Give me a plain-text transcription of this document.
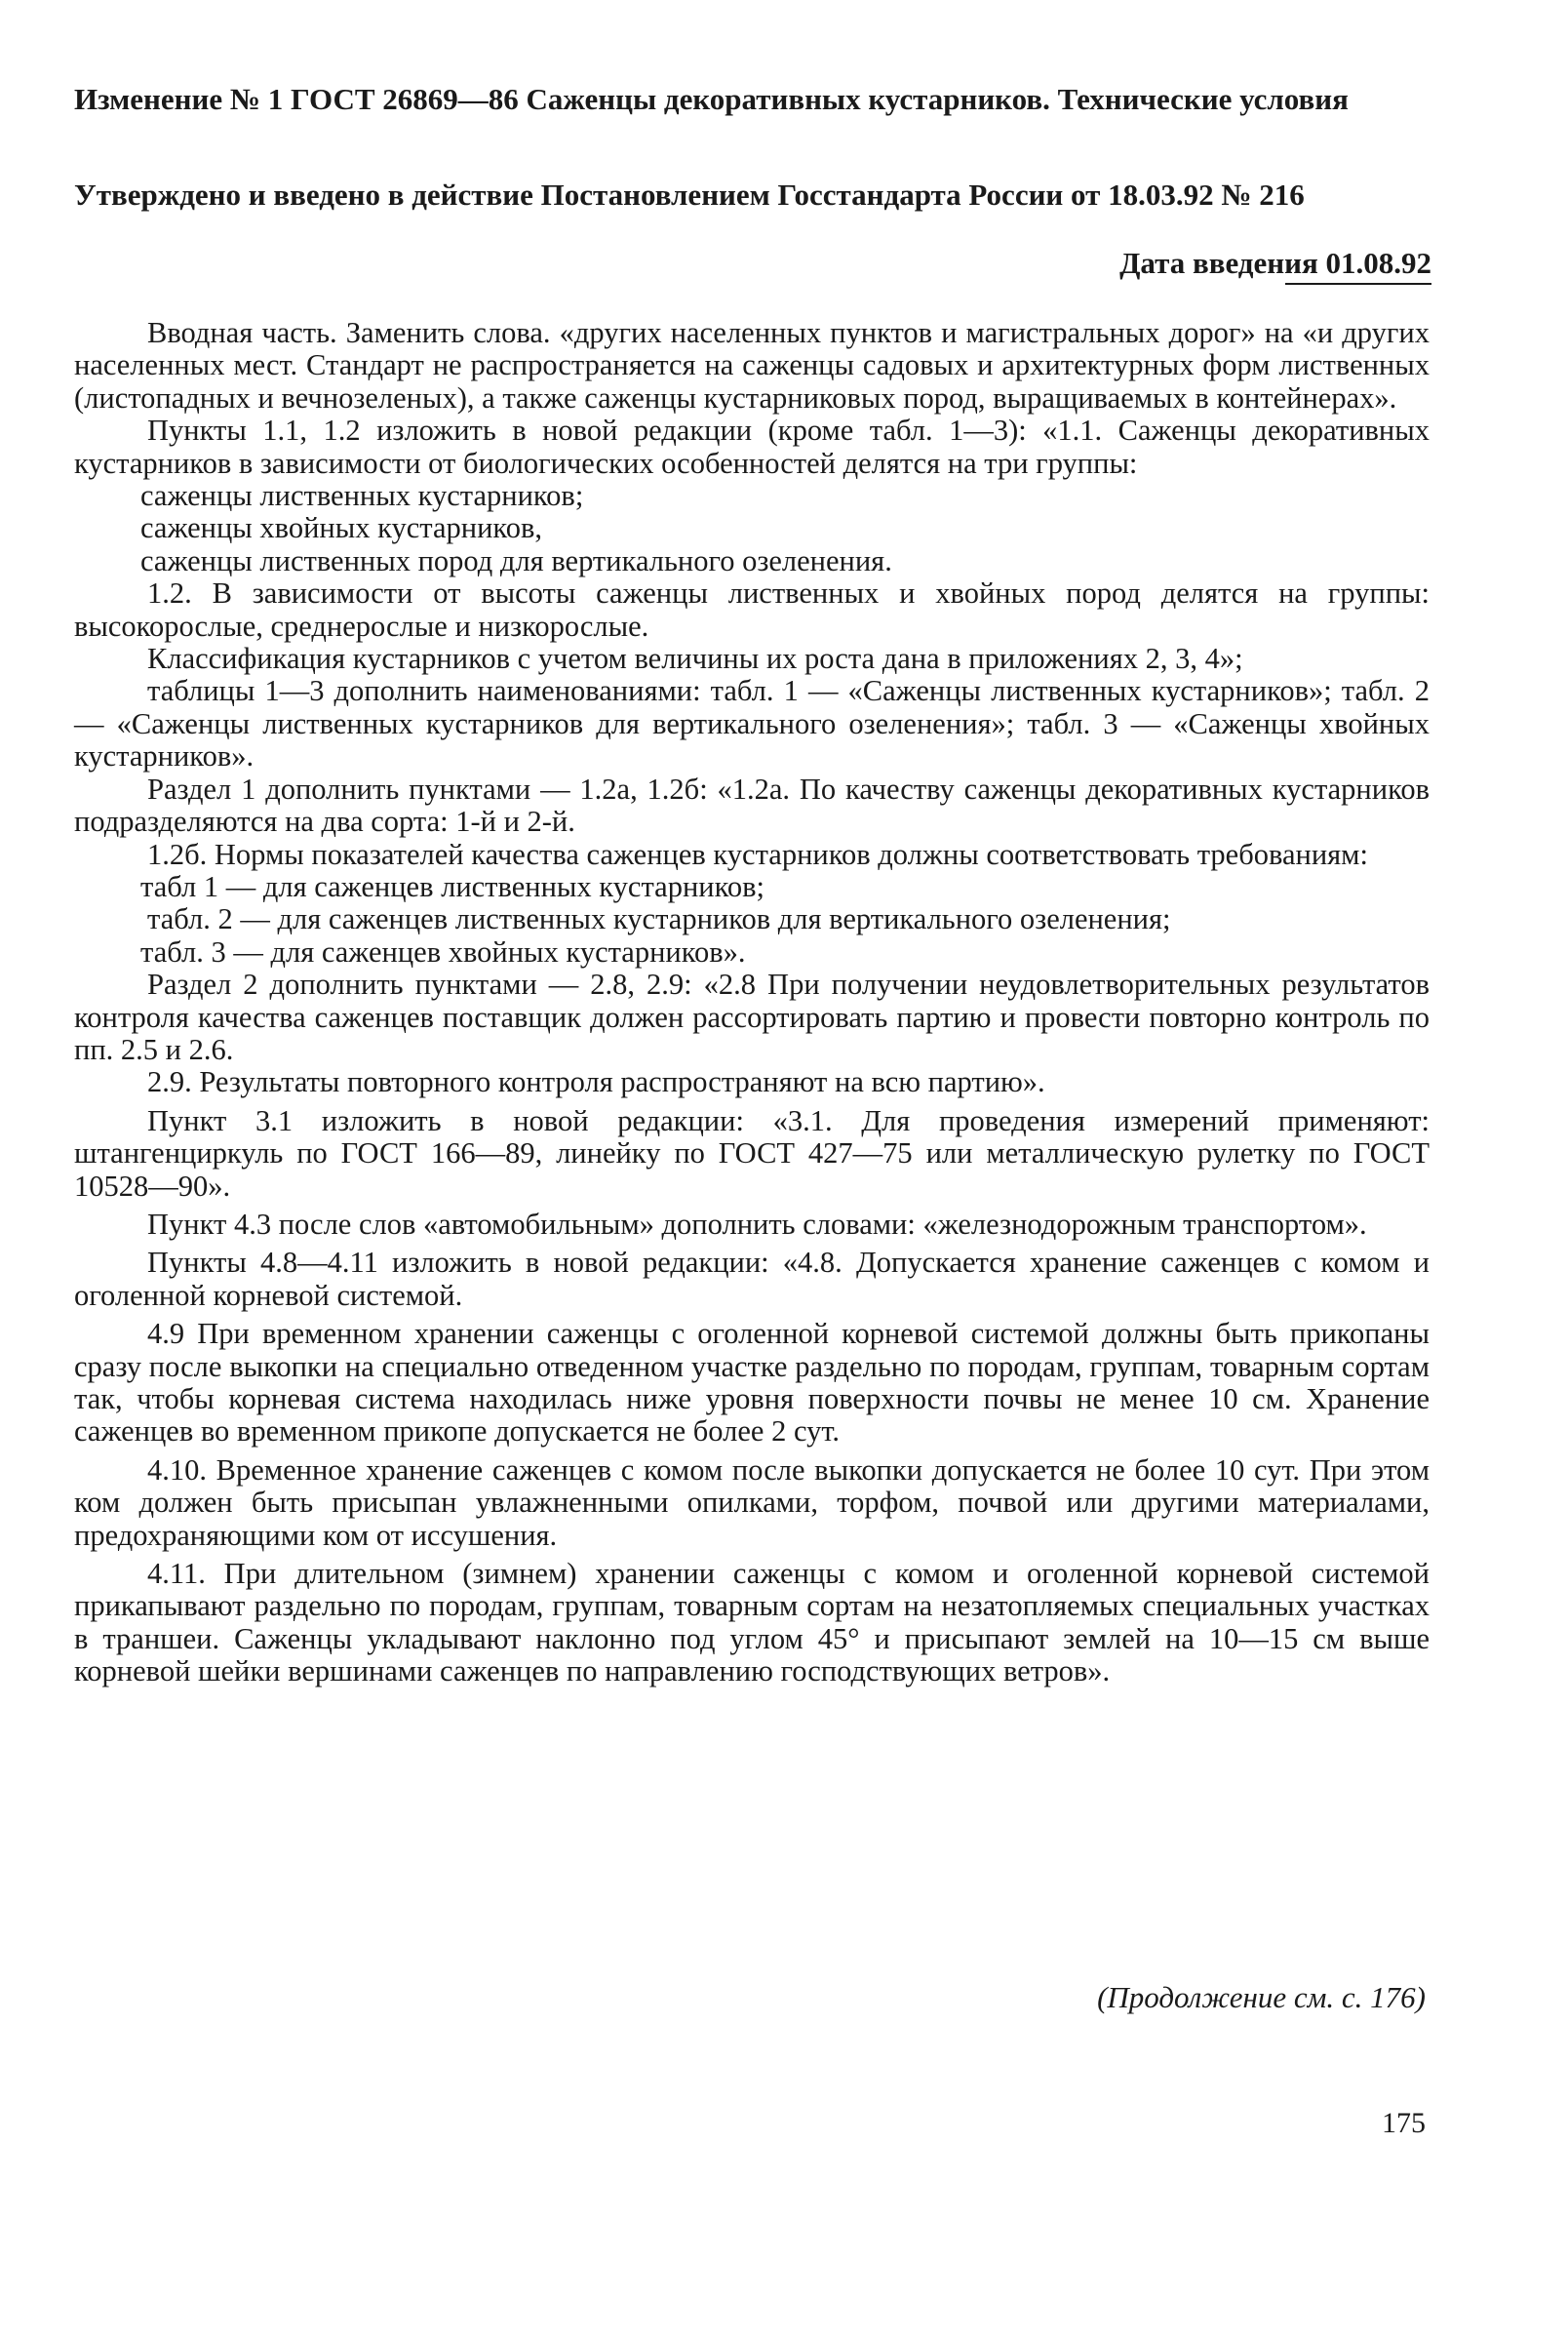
Изменение № 1 ГОСТ 26869—86 Саженцы декоративных кустарников. Технические условия
Утверждено и введено в действие Постановлением Госстандарта России от 18.03.92 № 216
Дата введения 01.08.92

Вводная часть. Заменить слова. «других населенных пунктов и магистральных дорог» на «и других населенных мест. Стандарт не распространяется на саженцы садовых и архитектурных форм лиственных (листопадных и вечнозеленых), а также саженцы кустарниковых пород, выращиваемых в контейнерах».

Пункты 1.1, 1.2 изложить в новой редакции (кроме табл. 1—3): «1.1. Саженцы декоративных кустарников в зависимости от биологических особенностей делятся на три группы:

саженцы лиственных кустарников;

саженцы хвойных кустарников,

саженцы лиственных пород для вертикального озеленения.

1.2. В зависимости от высоты саженцы лиственных и хвойных пород делятся на группы: высокорослые, среднерослые и низкорослые.

Классификация кустарников с учетом величины их роста дана в приложениях 2, 3, 4»;

таблицы 1—3 дополнить наименованиями: табл. 1 — «Саженцы лиственных кустарников»; табл. 2 — «Саженцы лиственных кустарников для вертикального озеленения»; табл. 3 — «Саженцы хвойных кустарников».

Раздел 1 дополнить пунктами — 1.2а, 1.2б: «1.2а. По качеству саженцы декоративных кустарников подразделяются на два сорта: 1-й и 2-й.

1.2б. Нормы показателей качества саженцев кустарников должны соответствовать требованиям:

табл 1 — для саженцев лиственных кустарников;

табл. 2 — для саженцев лиственных кустарников для вертикального озеленения;

табл. 3 — для саженцев хвойных кустарников».

Раздел 2 дополнить пунктами — 2.8, 2.9: «2.8 При получении неудовлетворительных результатов контроля качества саженцев поставщик должен рассортировать партию и провести повторно контроль по пп. 2.5 и 2.6.

2.9. Результаты повторного контроля распространяют на всю партию».

Пункт 3.1 изложить в новой редакции: «3.1. Для проведения измерений применяют: штангенциркуль по ГОСТ 166—89, линейку по ГОСТ 427—75 или металлическую рулетку по ГОСТ 10528—90».

Пункт 4.3 после слов «автомобильным» дополнить словами: «железнодорожным транспортом».

Пункты 4.8—4.11 изложить в новой редакции: «4.8. Допускается хранение саженцев с комом и оголенной корневой системой.

4.9 При временном хранении саженцы с оголенной корневой системой должны быть прикопаны сразу после выкопки на специально отведенном участке раздельно по породам, группам, товарным сортам так, чтобы корневая система находилась ниже уровня поверхности почвы не менее 10 см. Хранение саженцев во временном прикопе допускается не более 2 сут.

4.10. Временное хранение саженцев с комом после выкопки допускается не более 10 сут. При этом ком должен быть присыпан увлажненными опилками, торфом, почвой или другими материалами, предохраняющими ком от иссушения.

4.11. При длительном (зимнем) хранении саженцы с комом и оголенной корневой системой прикапывают раздельно по породам, группам, товарным сортам на незатопляемых специальных участках в траншеи. Саженцы укладывают наклонно под углом 45° и присыпают землей на 10—15 см выше корневой шейки вершинами саженцев по направлению господствующих ветров».

(Продолжение см. с. 176)
175
